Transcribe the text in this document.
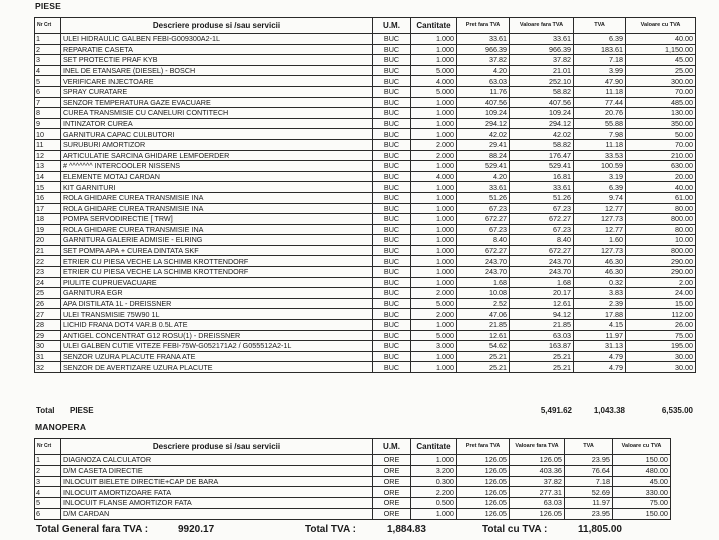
PIESE
Nr Crt	Descriere produse si /sau servicii	U.M.	Cantitate	Pret fara TVA	Valoare fara TVA	TVA	Valoare cu TVA
1	ULEI HIDRAULIC GALBEN FEBI-G009300A2-1L	BUC	1.000	33.61	33.61	6.39	40.00
2	REPARATIE CASETA	BUC	1.000	966.39	966.39	183.61	1,150.00
3	SET PROTECTIE PRAF KYB	BUC	1.000	37.82	37.82	7.18	45.00
4	INEL DE ETANSARE (DIESEL) - BOSCH	BUC	5.000	4.20	21.01	3.99	25.00
5	VERIFICARE INJECTOARE	BUC	4.000	63.03	252.10	47.90	300.00
6	SPRAY CURATARE	BUC	5.000	11.76	58.82	11.18	70.00
7	SENZOR TEMPERATURA GAZE EVACUARE	BUC	1.000	407.56	407.56	77.44	485.00
8	CUREA TRANSMISIE CU CANELURI CONTITECH	BUC	1.000	109.24	109.24	20.76	130.00
9	INTINZATOR CUREA	BUC	1.000	294.12	294.12	55.88	350.00
10	GARNITURA CAPAC CULBUTORI	BUC	1.000	42.02	42.02	7.98	50.00
11	SURUBURI AMORTIZOR	BUC	2.000	29.41	58.82	11.18	70.00
12	ARTICULATIE SARCINA GHIDARE LEMFOERDER	BUC	2.000	88.24	176.47	33.53	210.00
13	# ^^^^^^^ INTERCOOLER NISSENS	BUC	1.000	529.41	529.41	100.59	630.00
14	ELEMENTE MOTAJ CARDAN	BUC	4.000	4.20	16.81	3.19	20.00
15	KIT GARNITURI	BUC	1.000	33.61	33.61	6.39	40.00
16	ROLA GHIDARE CUREA TRANSMISIE INA	BUC	1.000	51.26	51.26	9.74	61.00
17	ROLA GHIDARE CUREA TRANSMISIE INA	BUC	1.000	67.23	67.23	12.77	80.00
18	POMPA SERVODIRECTIE [ TRW]	BUC	1.000	672.27	672.27	127.73	800.00
19	ROLA GHIDARE CUREA TRANSMISIE INA	BUC	1.000	67.23	67.23	12.77	80.00
20	GARNITURA GALERIE ADMISIE - ELRING	BUC	1.000	8.40	8.40	1.60	10.00
21	SET POMPA APA + CUREA DINTATA SKF	BUC	1.000	672.27	672.27	127.73	800.00
22	ETRIER CU PIESA VECHE LA SCHIMB KROTTENDORF	BUC	1.000	243.70	243.70	46.30	290.00
23	ETRIER CU PIESA VECHE LA SCHIMB KROTTENDORF	BUC	1.000	243.70	243.70	46.30	290.00
24	PIULITE CUPRUEVACUARE	BUC	1.000	1.68	1.68	0.32	2.00
25	GARNITURA EGR	BUC	2.000	10.08	20.17	3.83	24.00
26	APA DISTILATA 1L - DREISSNER	BUC	5.000	2.52	12.61	2.39	15.00
27	ULEI TRANSMISIE 75W90 1L	BUC	2.000	47.06	94.12	17.88	112.00
28	LICHID FRANA DOT4 VAR.B 0.5L ATE	BUC	1.000	21.85	21.85	4.15	26.00
29	ANTIGEL CONCENTRAT G12 ROSU(1) - DREISSNER	BUC	5.000	12.61	63.03	11.97	75.00
30	ULEI GALBEN CUTIE VITEZE FEBI-75W-G052171A2 / G055512A2-1L	BUC	3.000	54.62	163.87	31.13	195.00
31	SENZOR UZURA PLACUTE FRANA ATE	BUC	1.000	25.21	25.21	4.79	30.00
32	SENZOR DE AVERTIZARE UZURA PLACUTE	BUC	1.000	25.21	25.21	4.79	30.00
Total PIESE	5,491.62	1,043.38	6,535.00
MANOPERA
Nr Crt	Descriere produse si /sau servicii	U.M.	Cantitate	Pret fara TVA	Valoare fara TVA	TVA	Valoare cu TVA
1	DIAGNOZA CALCULATOR	ORE	1.000	126.05	126.05	23.95	150.00
2	D/M CASETA DIRECTIE	ORE	3.200	126.05	403.36	76.64	480.00
3	INLOCUIT BIELETE DIRECTIE+CAP DE BARA	ORE	0.300	126.05	37.82	7.18	45.00
4	INLOCUIT AMORTIZOARE FATA	ORE	2.200	126.05	277.31	52.69	330.00
5	INLOCUIT FLANSE AMORTIZOR FATA	ORE	0.500	126.05	63.03	11.97	75.00
6	D/M CARDAN	ORE	1.000	126.05	126.05	23.95	150.00
Total General fara TVA :	9920.17	Total TVA :	1,884.83	Total cu TVA :	11,805.00
